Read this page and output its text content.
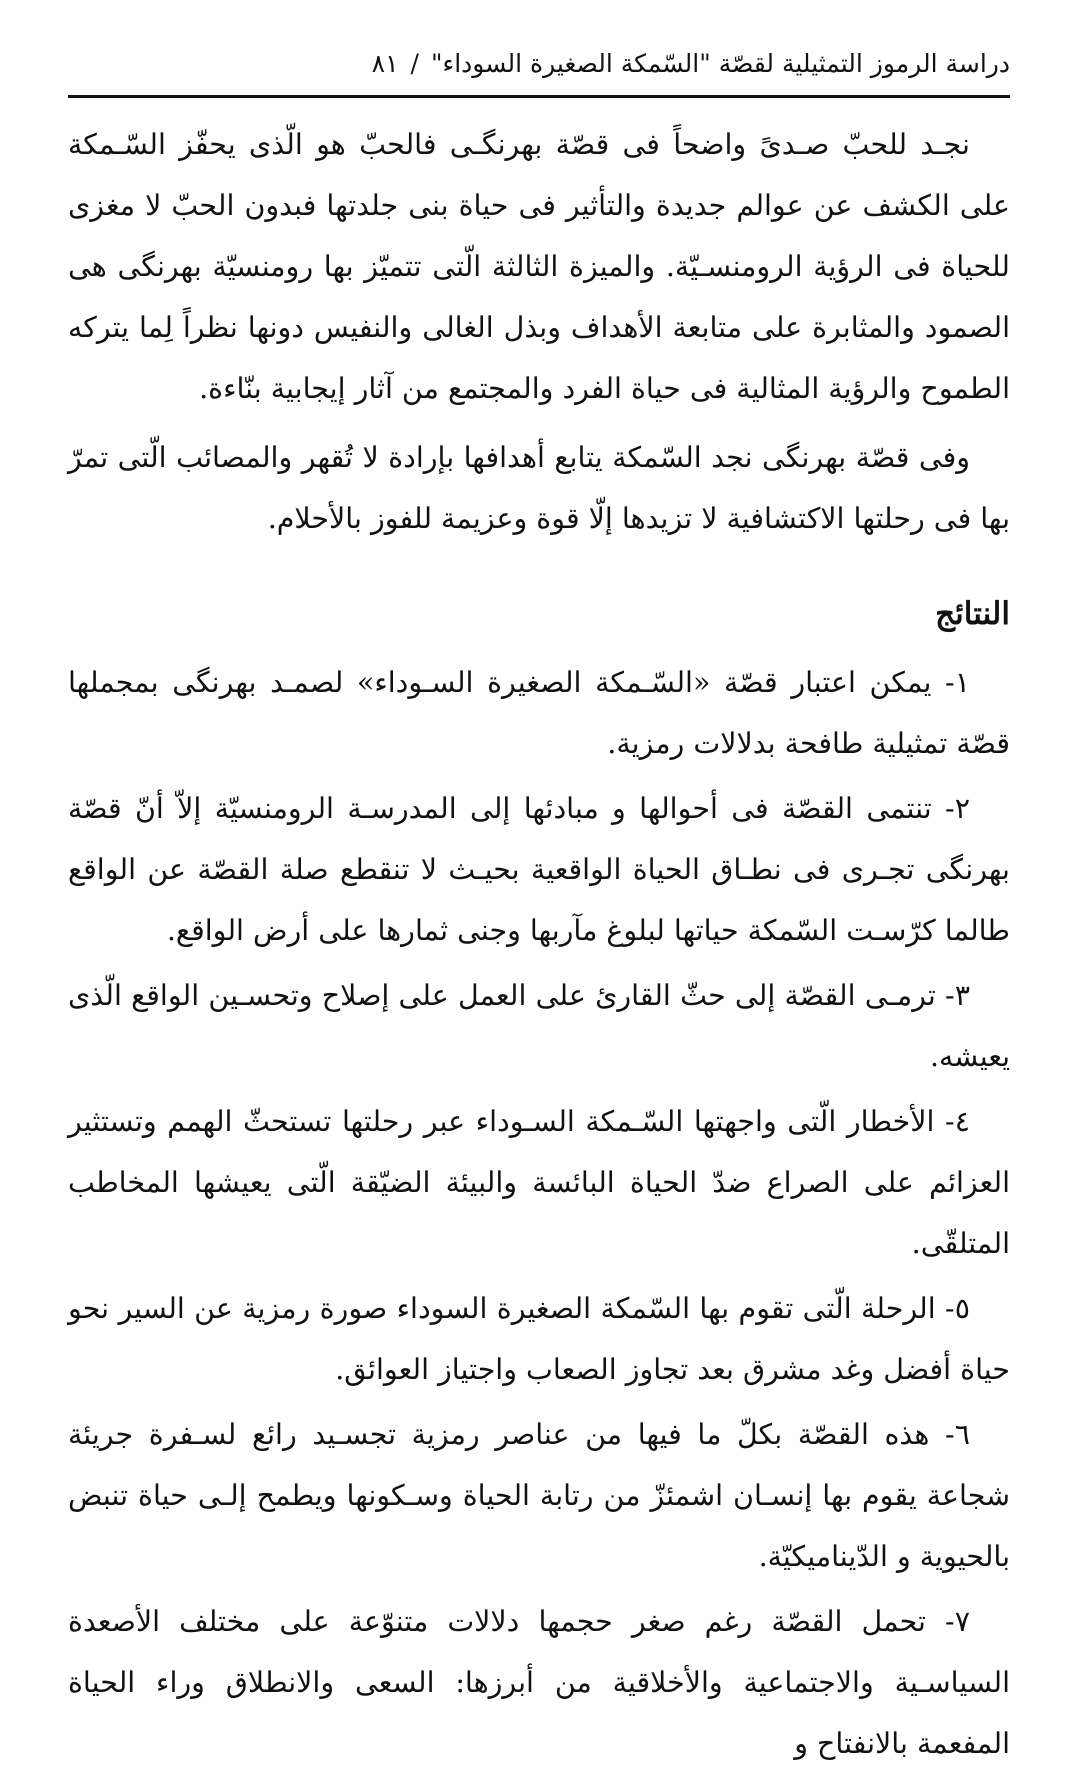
دراسة الرموز التمثيلية لقصّة "السّمكة الصغيرة السوداء"
/
٨١

نجـد للحبّ صـدىً واضحاً فى قصّة بهرنگـى فالحبّ هو الّذى يحفّز السّـمكة على الكشف عن عوالم جديدة والتأثير فى حياة بنى جلدتها فبدون الحبّ لا مغزى للحياة فى الرؤية الرومنسـيّة. والميزة الثالثة الّتى تتميّز بها رومنسيّة بهرنگى هى الصمود والمثابرة على متابعة الأهداف وبذل الغالى والنفيس دونها نظراً لِما يتركه الطموح والرؤية المثالية فى حياة الفرد والمجتمع من آثار إيجابية بنّاءة.

وفى قصّة بهرنگى نجد السّمكة يتابع أهدافها بإرادة لا تُقهر والمصائب الّتى تمرّ بها فى رحلتها الاكتشافية لا تزيدها إلّا قوة وعزيمة للفوز بالأحلام.

النتائج

١- يمكن اعتبار قصّة «السّـمكة الصغيرة السـوداء» لصمـد بهرنگى بمجملها قصّة تمثيلية طافحة بدلالات رمزية.

٢- تنتمى القصّة فى أحوالها و مبادئها إلى المدرسـة الرومنسيّة إلاّ أنّ قصّة بهرنگى تجـرى فى نطـاق الحياة الواقعية بحيـث لا تنقطع صلة القصّة عن الواقع طالما كرّسـت السّمكة حياتها لبلوغ مآربها وجنى ثمارها على أرض الواقع.

٣- ترمـى القصّة إلى حثّ القارئ على العمل على إصلاح وتحسـين الواقع الّذى يعيشه.

٤- الأخطار الّتى واجهتها السّـمكة السـوداء عبر رحلتها تستحثّ الهمم وتستثير العزائم على الصراع ضدّ الحياة البائسة والبيئة الضيّقة الّتى يعيشها المخاطب المتلقّى.

٥- الرحلة الّتى تقوم بها السّمكة الصغيرة السوداء صورة رمزية عن السير نحو حياة أفضل وغد مشرق بعد تجاوز الصعاب واجتياز العوائق.

٦- هذه القصّة بكلّ ما فيها من عناصر رمزية تجسـيد رائع لسـفرة جريئة شجاعة يقوم بها إنسـان اشمئزّ من رتابة الحياة وسـكونها ويطمح إلـى حياة تنبض بالحيوية و الدّيناميكيّة.

٧- تحمل القصّة رغم صغر حجمها دلالات متنوّعة على مختلف الأصعدة السياسـية والاجتماعية والأخلاقية من أبرزها: السعى والانطلاق وراء الحياة المفعمة بالانفتاح و
